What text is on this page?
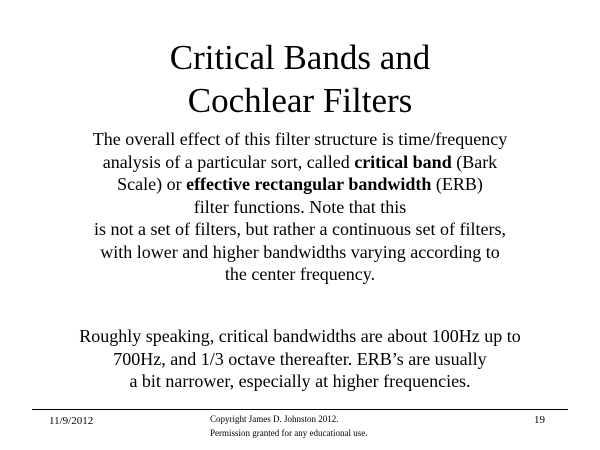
Critical Bands and
Cochlear Filters
The overall effect of this filter structure is time/frequency
analysis of a particular sort, called critical band (Bark
Scale) or effective rectangular bandwidth (ERB)
filter functions. Note that this
is not a set of filters, but rather a continuous set of filters,
with lower and higher bandwidths varying according to
the center frequency.
Roughly speaking, critical bandwidths are about 100Hz up to
700Hz, and 1/3 octave thereafter. ERB’s are usually
a bit narrower, especially at higher frequencies.
11/9/2012	Copyright James D. Johnston 2012.
Permission granted for any educational use.
19
